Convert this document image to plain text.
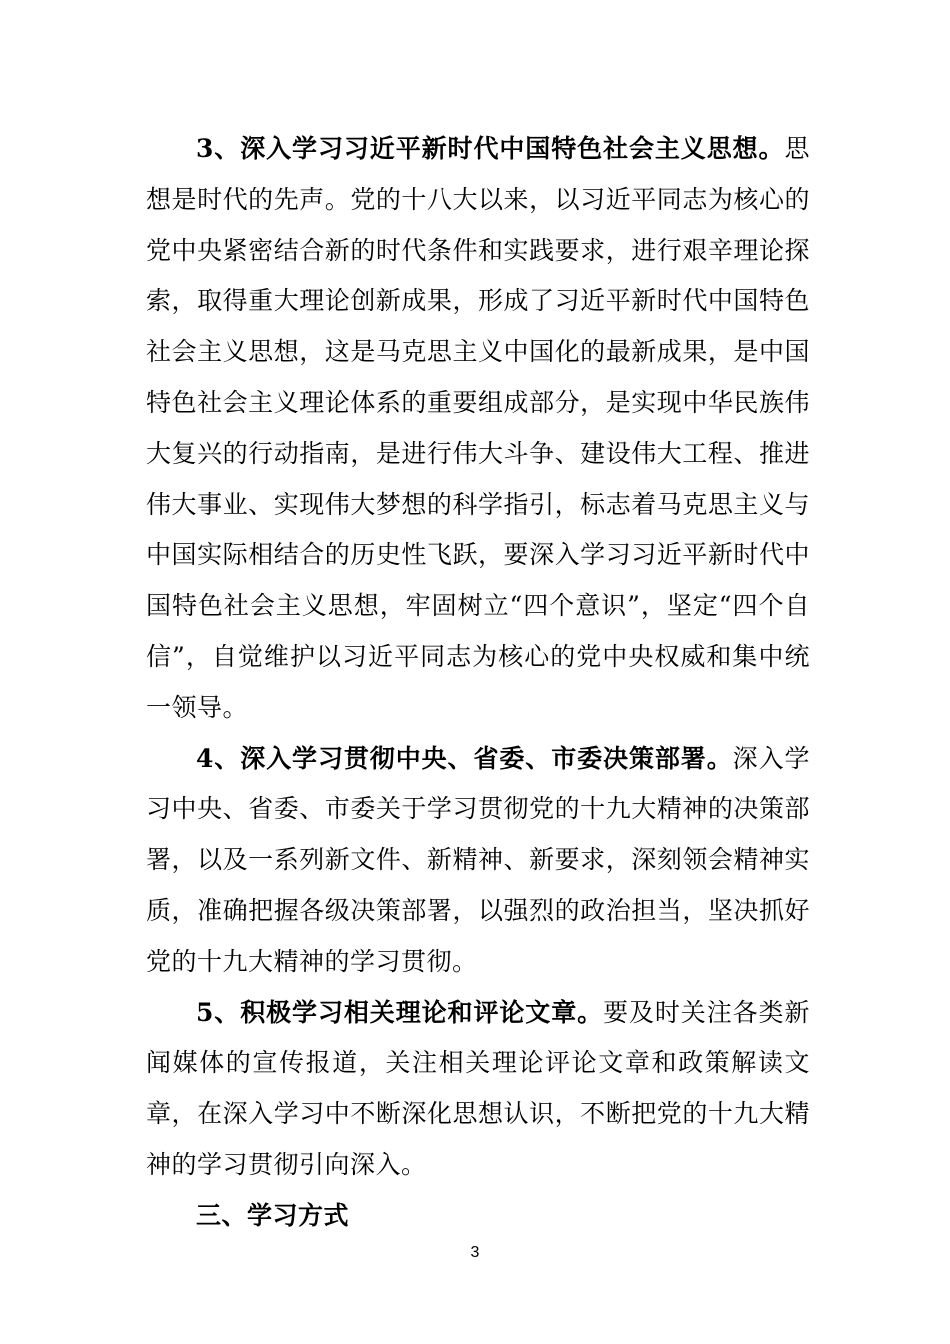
3、深入学习习近平新时代中国特色社会主义思想。思想是时代的先声。党的十八大以来，以习近平同志为核心的党中央紧密结合新的时代条件和实践要求，进行艰辛理论探索，取得重大理论创新成果，形成了习近平新时代中国特色社会主义思想，这是马克思主义中国化的最新成果，是中国特色社会主义理论体系的重要组成部分，是实现中华民族伟大复兴的行动指南，是进行伟大斗争、建设伟大工程、推进伟大事业、实现伟大梦想的科学指引，标志着马克思主义与中国实际相结合的历史性飞跃，要深入学习习近平新时代中国特色社会主义思想，牢固树立“四个意识”，坚定“四个自信”，自觉维护以习近平同志为核心的党中央权威和集中统一领导。

4、深入学习贯彻中央、省委、市委决策部署。深入学习中央、省委、市委关于学习贯彻党的十九大精神的决策部署，以及一系列新文件、新精神、新要求，深刻领会精神实质，准确把握各级决策部署，以强烈的政治担当，坚决抓好党的十九大精神的学习贯彻。

5、积极学习相关理论和评论文章。要及时关注各类新闻媒体的宣传报道，关注相关理论评论文章和政策解读文章，在深入学习中不断深化思想认识，不断把党的十九大精神的学习贯彻引向深入。

三、学习方式

3
